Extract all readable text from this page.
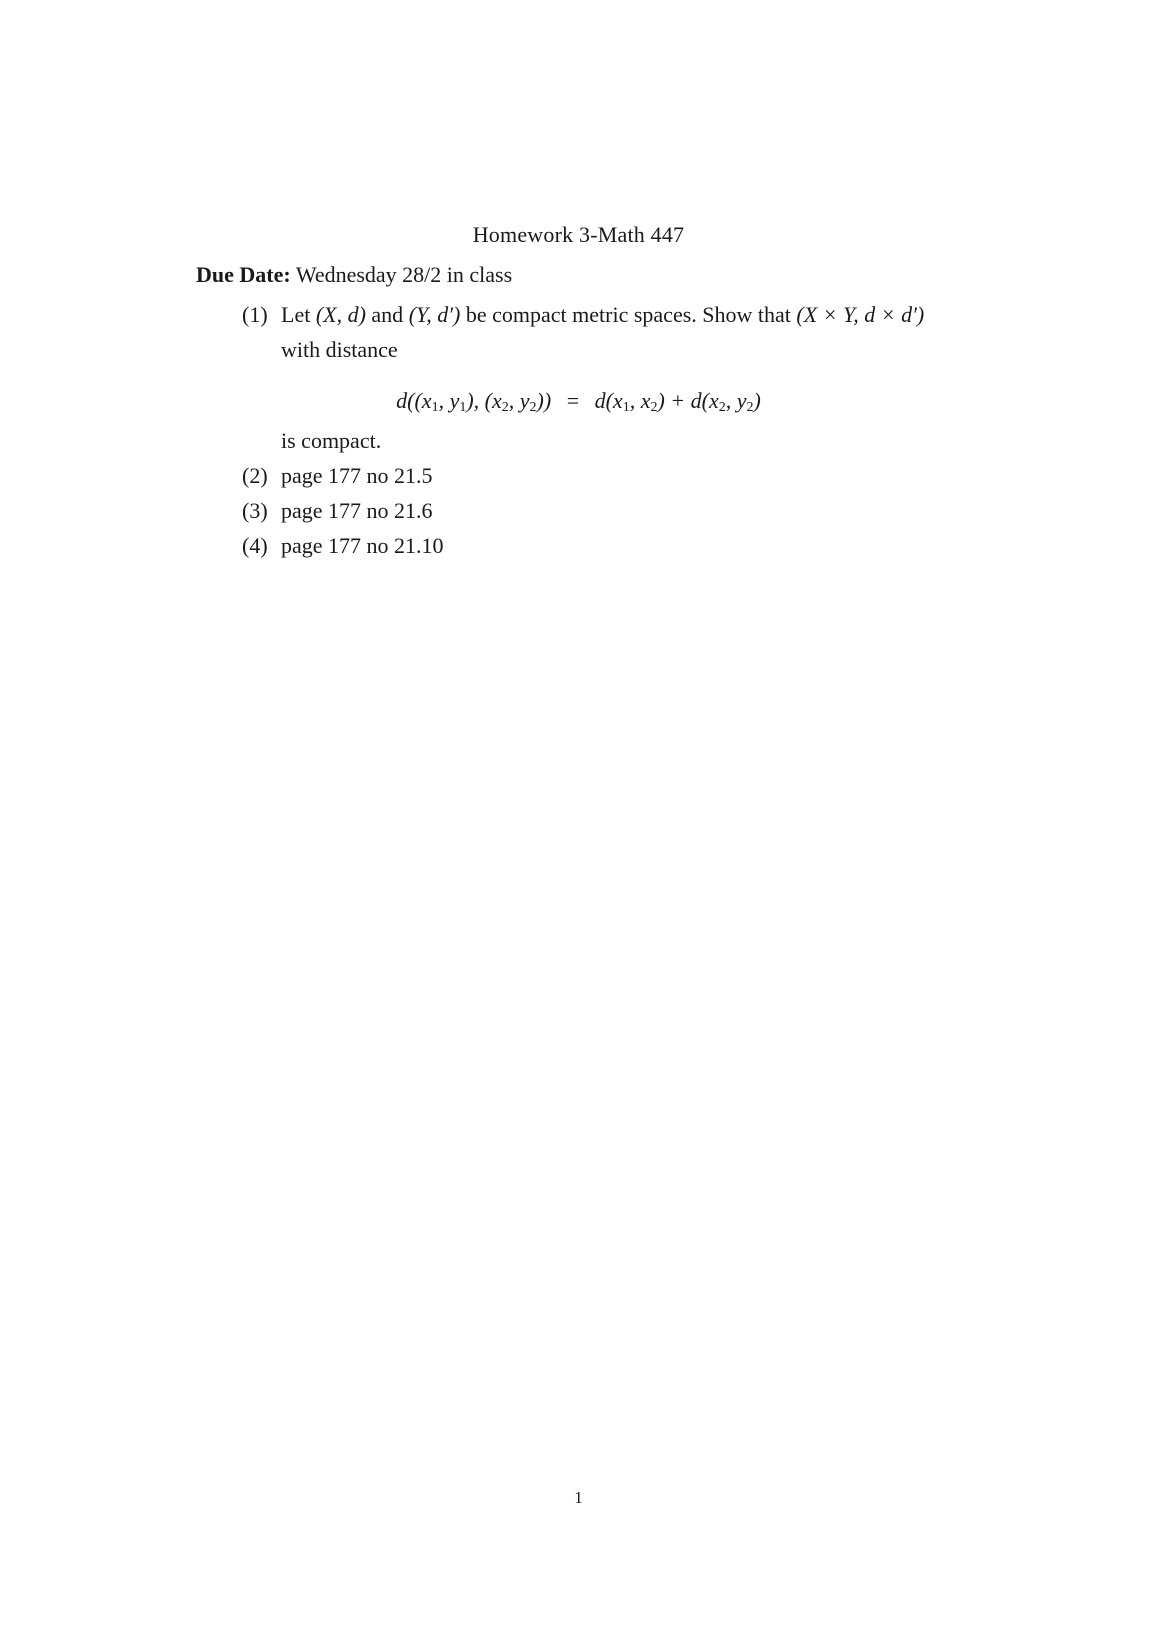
Homework 3-Math 447
Due Date: Wednesday 28/2 in class
(1) Let (X, d) and (Y, d′) be compact metric spaces. Show that (X × Y, d × d′)
with distance
$d((x_1$, $y_1$), ($x_2$, $y_2)) = d(x_1$, $x_2) + d(x_2$, $y_2$)
is compact.
(2) page 177 no 21.5
(3) page 177 no 21.6
(4) page 177 no 21.10
1
